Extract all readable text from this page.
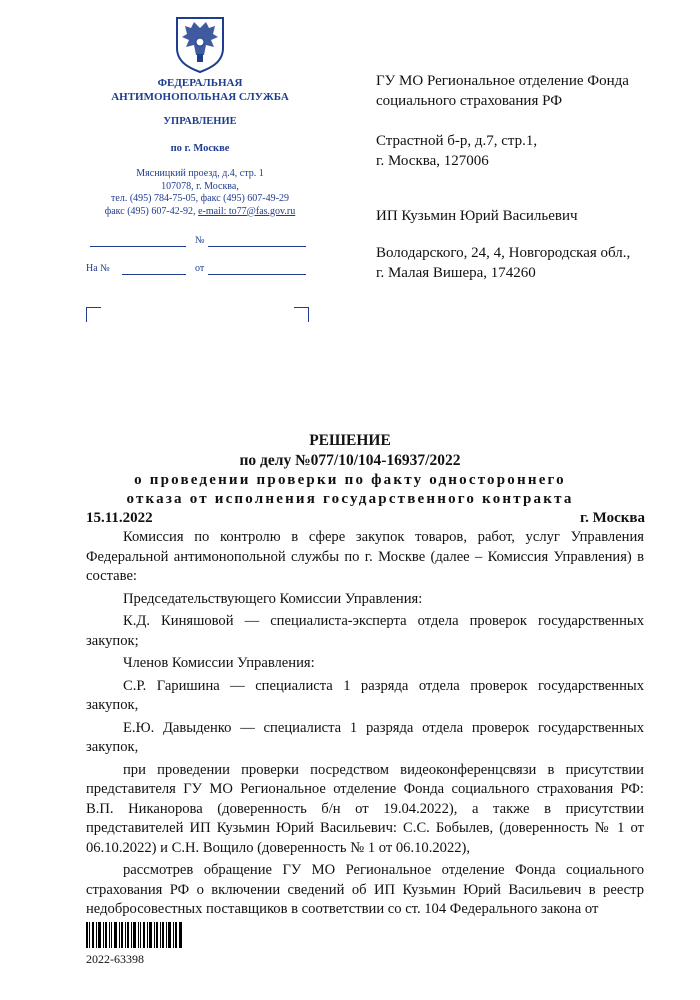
ФЕДЕРАЛЬНАЯ
АНТИМОНОПОЛЬНАЯ СЛУЖБА
УПРАВЛЕНИЕ
по г. Москве
Мясницкий проезд, д.4, стр. 1
107078, г. Москва,
тел. (495) 784-75-05, факс (495) 607-49-29
факс (495) 607-42-92, e-mail: to77@fas.gov.ru
№
На №	от
ГУ МО Региональное отделение Фонда
социального страхования РФ
Страстной б-р, д.7, стр.1,
г. Москва, 127006
ИП Кузьмин Юрий Васильевич
Володарского, 24, 4, Новгородская обл.,
г. Малая Вишера, 174260
РЕШЕНИЕ
по делу №077/10/104-16937/2022
о проведении проверки по факту одностороннего
отказа от исполнения государственного контракта
15.11.2022	г. Москва

Комиссия по контролю в сфере закупок товаров, работ, услуг Управления Федеральной антимонопольной службы по г. Москве (далее – Комиссия Управления) в составе:

Председательствующего Комиссии Управления:

К.Д. Киняшовой — специалиста-эксперта отдела проверок государственных закупок;

Членов Комиссии Управления:

С.Р. Гаришина — специалиста 1 разряда отдела проверок государственных закупок,

Е.Ю. Давыденко — специалиста 1 разряда отдела проверок государственных закупок,

при проведении проверки посредством видеоконференцсвязи в присутствии представителя ГУ МО Региональное отделение Фонда социального страхования РФ: В.П. Никанорова (доверенность б/н от 19.04.2022), а также в присутствии представителей ИП Кузьмин Юрий Васильевич: С.С. Бобылев, (доверенность № 1 от 06.10.2022) и С.Н. Вощило (доверенность № 1 от 06.10.2022),

рассмотрев обращение ГУ МО Региональное отделение Фонда социального страхования РФ о включении сведений об ИП Кузьмин Юрий Васильевич в реестр недобросовестных поставщиков в соответствии со ст. 104 Федерального закона от

2022-63398
